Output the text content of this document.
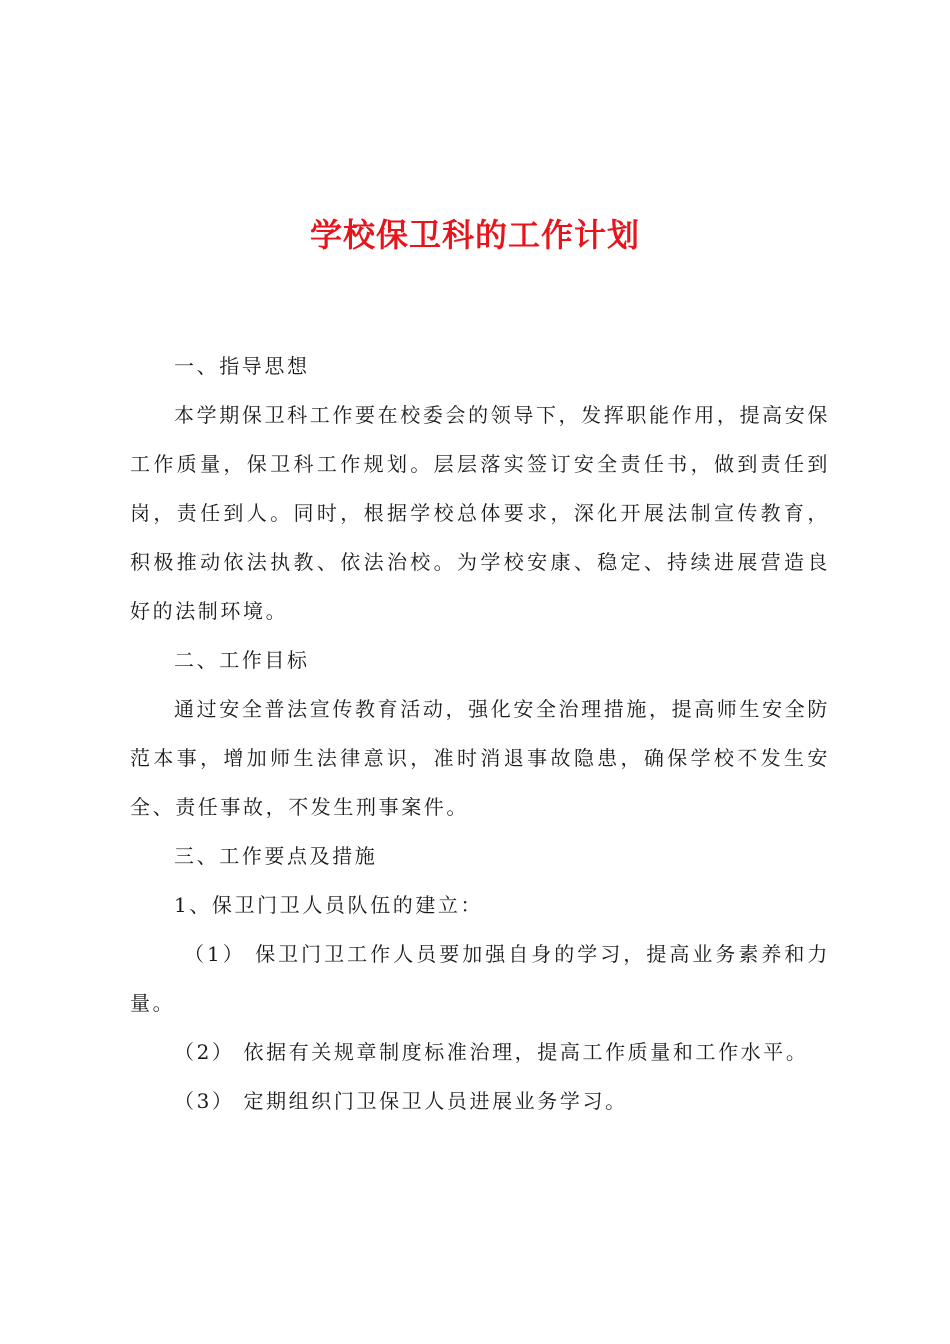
学校保卫科的工作计划

一、指导思想

本学期保卫科工作要在校委会的领导下，发挥职能作用，提高安保工作质量，保卫科工作规划。层层落实签订安全责任书，做到责任到岗，责任到人。同时，根据学校总体要求，深化开展法制宣传教育，积极推动依法执教、依法治校。为学校安康、稳定、持续进展营造良好的法制环境。

二、工作目标

通过安全普法宣传教育活动，强化安全治理措施，提高师生安全防范本事，增加师生法律意识，准时消退事故隐患，确保学校不发生安全、责任事故，不发生刑事案件。

三、工作要点及措施

1、保卫门卫人员队伍的建立：

（1） 保卫门卫工作人员要加强自身的学习，提高业务素养和力量。

（2） 依据有关规章制度标准治理，提高工作质量和工作水平。

（3） 定期组织门卫保卫人员进展业务学习。
